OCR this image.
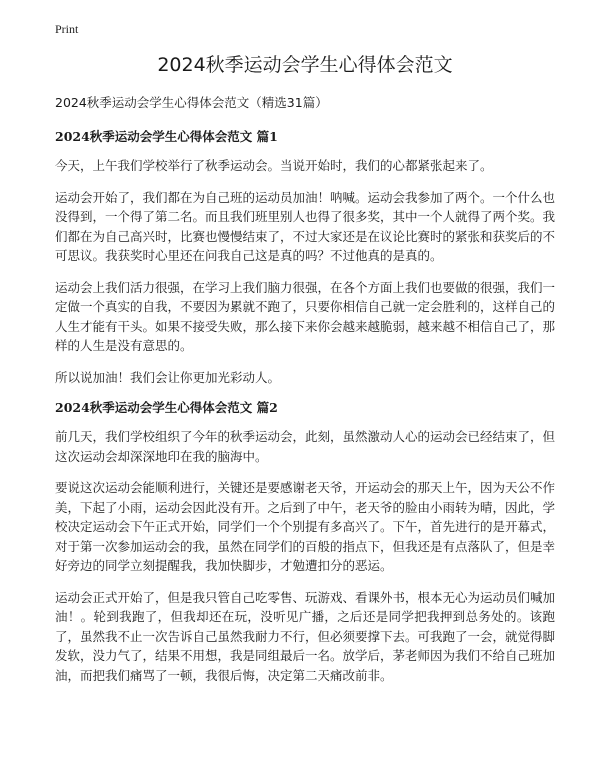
Print
2024秋季运动会学生心得体会范文

2024秋季运动会学生心得体会范文（精选31篇）

2024秋季运动会学生心得体会范文 篇1

今天，上午我们学校举行了秋季运动会。当说开始时，我们的心都紧张起来了。

运动会开始了，我们都在为自己班的运动员加油！呐喊。运动会我参加了两个。一个什么也没得到，一个得了第二名。而且我们班里别人也得了很多奖，其中一个人就得了两个奖。我们都在为自己高兴时，比赛也慢慢结束了，不过大家还是在议论比赛时的紧张和获奖后的不可思议。我获奖时心里还在问我自己这是真的吗？不过他真的是真的。

运动会上我们活力很强，在学习上我们脑力很强，在各个方面上我们也要做的很强，我们一定做一个真实的自我，不要因为累就不跑了，只要你相信自己就一定会胜利的，这样自己的人生才能有干头。如果不接受失败，那么接下来你会越来越脆弱，越来越不相信自己了，那样的人生是没有意思的。

所以说加油！我们会让你更加光彩动人。

2024秋季运动会学生心得体会范文 篇2

前几天，我们学校组织了今年的秋季运动会，此刻，虽然激动人心的运动会已经结束了，但这次运动会却深深地印在我的脑海中。

要说这次运动会能顺利进行，关键还是要感谢老天爷，开运动会的那天上午，因为天公不作美，下起了小雨，运动会因此没有开。之后到了中午，老天爷的脸由小雨转为晴，因此，学校决定运动会下午正式开始，同学们一个个别提有多高兴了。下午，首先进行的是开幕式，对于第一次参加运动会的我，虽然在同学们的百般的指点下，但我还是有点落队了，但是幸好旁边的同学立刻提醒我，我加快脚步，才勉遭扣分的恶运。

运动会正式开始了，但是我只管自己吃零售、玩游戏、看课外书，根本无心为运动员们喊加油！。轮到我跑了，但我却还在玩，没听见广播，之后还是同学把我押到总务处的。该跑了，虽然我不止一次告诉自己虽然我耐力不行，但必须要撑下去。可我跑了一会，就觉得脚发软，没力气了，结果不用想，我是同组最后一名。放学后，茅老师因为我们不给自己班加油，而把我们痛骂了一顿，我很后悔，决定第二天痛改前非。
